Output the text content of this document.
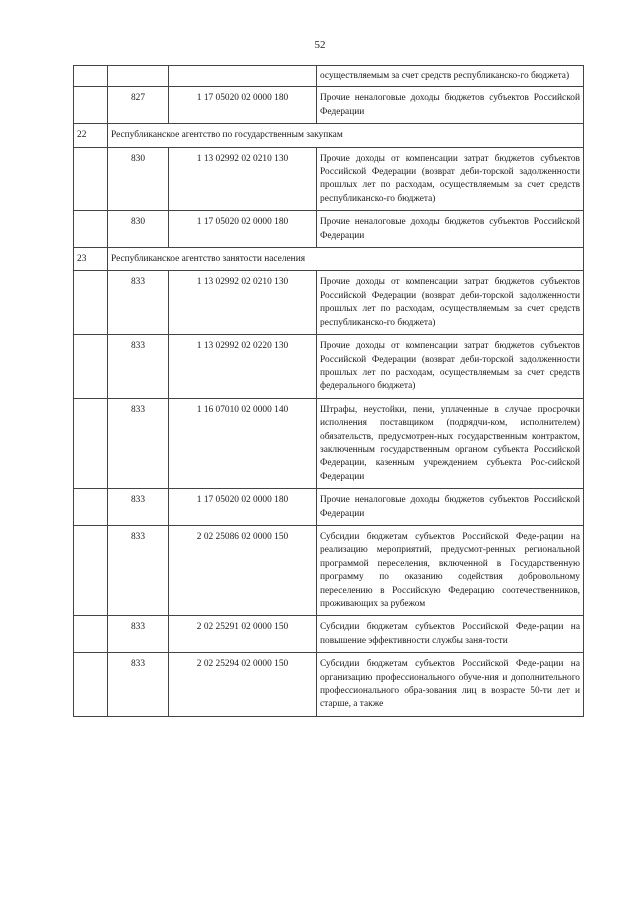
52
			осуществляемым за счет средств республиканско-го бюджета)
	827	1 17 05020 02 0000 180	Прочие неналоговые доходы бюджетов субъектов Российской Федерации
22	Республиканское агентство по государственным закупкам		
	830	1 13 02992 02 0210 130	Прочие доходы от компенсации затрат бюджетов субъектов Российской Федерации (возврат деби-торской задолженности прошлых лет по расходам, осуществляемым за счет средств республиканско-го бюджета)
	830	1 17 05020 02 0000 180	Прочие неналоговые доходы бюджетов субъектов Российской Федерации
23	Республиканское агентство занятости населения		
	833	1 13 02992 02 0210 130	Прочие доходы от компенсации затрат бюджетов субъектов Российской Федерации (возврат деби-торской задолженности прошлых лет по расходам, осуществляемым за счет средств республиканско-го бюджета)
	833	1 13 02992 02 0220 130	Прочие доходы от компенсации затрат бюджетов субъектов Российской Федерации (возврат деби-торской задолженности прошлых лет по расходам, осуществляемым за счет средств федерального бюджета)
	833	1 16 07010 02 0000 140	Штрафы, неустойки, пени, уплаченные в случае просрочки исполнения поставщиком (подрядчи-ком, исполнителем) обязательств, предусмотрен-ных государственным контрактом, заключенным государственным органом субъекта Российской Федерации, казенным учреждением субъекта Рос-сийской Федерации
	833	1 17 05020 02 0000 180	Прочие неналоговые доходы бюджетов субъектов Российской Федерации
	833	2 02 25086 02 0000 150	Субсидии бюджетам субъектов Российской Феде-рации на реализацию мероприятий, предусмот-ренных региональной программой переселения, включенной в Государственную программу по оказанию содействия добровольному переселению в Российскую Федерацию соотечественников, проживающих за рубежом
	833	2 02 25291 02 0000 150	Субсидии бюджетам субъектов Российской Феде-рации на повышение эффективности службы заня-тости
	833	2 02 25294 02 0000 150	Субсидии бюджетам субъектов Российской Феде-рации на организацию профессионального обуче-ния и дополнительного профессионального обра-зования лиц в возрасте 50-ти лет и старше, а также
